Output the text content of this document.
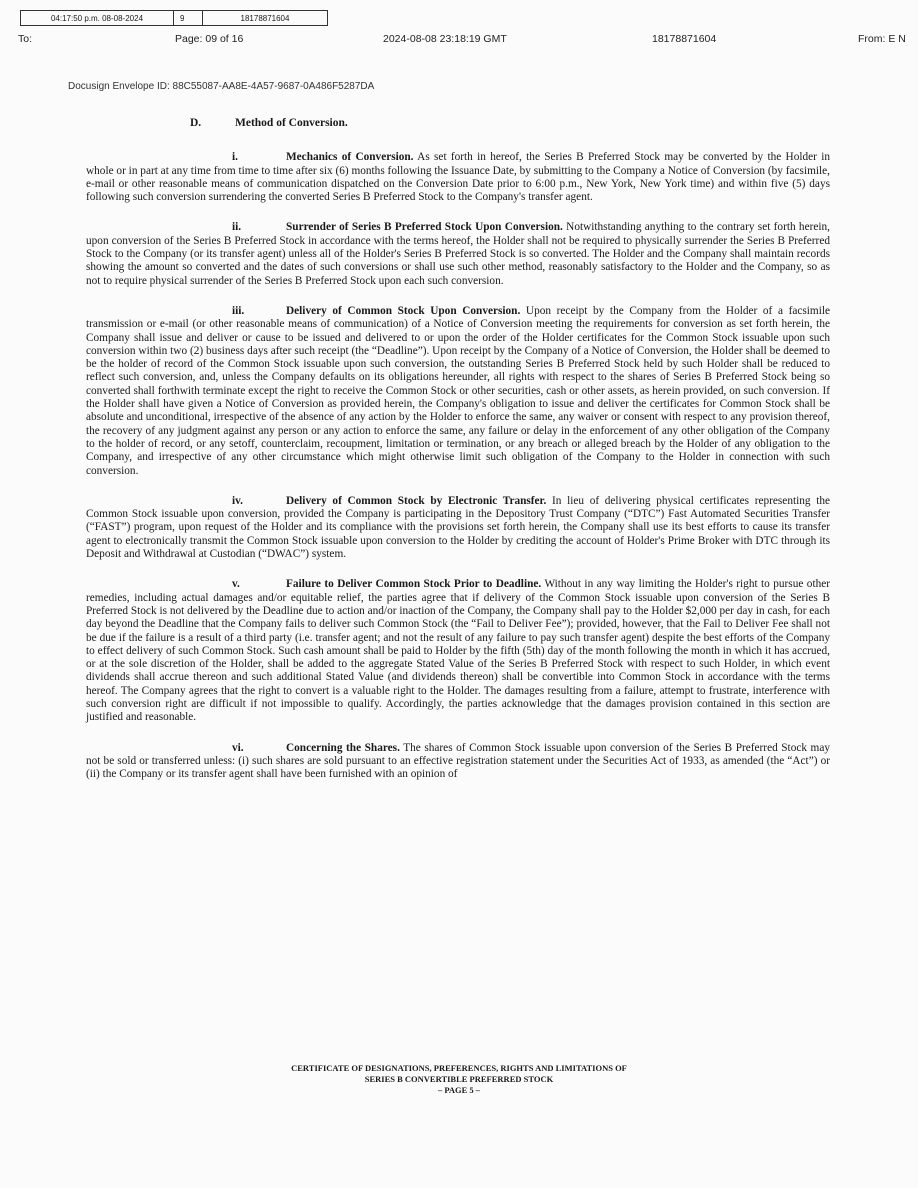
04:17:50 p.m. 08-08-2024	9	18178871604
To:	Page: 09 of 16	2024-08-08 23:18:19 GMT	18178871604	From: E N
Docusign Envelope ID: 88C55087-AA8E-4A57-9687-0A486F5287DA
D.	Method of Conversion.

i.	Mechanics of Conversion. As set forth in hereof, the Series B Preferred Stock may be converted by the Holder in whole or in part at any time from time to time after six (6) months following the Issuance Date, by submitting to the Company a Notice of Conversion (by facsimile, e-mail or other reasonable means of communication dispatched on the Conversion Date prior to 6:00 p.m., New York, New York time) and within five (5) days following such conversion surrendering the converted Series B Preferred Stock to the Company's transfer agent.

ii.	Surrender of Series B Preferred Stock Upon Conversion. Notwithstanding anything to the contrary set forth herein, upon conversion of the Series B Preferred Stock in accordance with the terms hereof, the Holder shall not be required to physically surrender the Series B Preferred Stock to the Company (or its transfer agent) unless all of the Holder's Series B Preferred Stock is so converted. The Holder and the Company shall maintain records showing the amount so converted and the dates of such conversions or shall use such other method, reasonably satisfactory to the Holder and the Company, so as not to require physical surrender of the Series B Preferred Stock upon each such conversion.

iii.	Delivery of Common Stock Upon Conversion. Upon receipt by the Company from the Holder of a facsimile transmission or e-mail (or other reasonable means of communication) of a Notice of Conversion meeting the requirements for conversion as set forth herein, the Company shall issue and deliver or cause to be issued and delivered to or upon the order of the Holder certificates for the Common Stock issuable upon such conversion within two (2) business days after such receipt (the “Deadline”). Upon receipt by the Company of a Notice of Conversion, the Holder shall be deemed to be the holder of record of the Common Stock issuable upon such conversion, the outstanding Series B Preferred Stock held by such Holder shall be reduced to reflect such conversion, and, unless the Company defaults on its obligations hereunder, all rights with respect to the shares of Series B Preferred Stock being so converted shall forthwith terminate except the right to receive the Common Stock or other securities, cash or other assets, as herein provided, on such conversion. If the Holder shall have given a Notice of Conversion as provided herein, the Company's obligation to issue and deliver the certificates for Common Stock shall be absolute and unconditional, irrespective of the absence of any action by the Holder to enforce the same, any waiver or consent with respect to any provision thereof, the recovery of any judgment against any person or any action to enforce the same, any failure or delay in the enforcement of any other obligation of the Company to the holder of record, or any setoff, counterclaim, recoupment, limitation or termination, or any breach or alleged breach by the Holder of any obligation to the Company, and irrespective of any other circumstance which might otherwise limit such obligation of the Company to the Holder in connection with such conversion.

iv.	Delivery of Common Stock by Electronic Transfer. In lieu of delivering physical certificates representing the Common Stock issuable upon conversion, provided the Company is participating in the Depository Trust Company (“DTC”) Fast Automated Securities Transfer (“FAST”) program, upon request of the Holder and its compliance with the provisions set forth herein, the Company shall use its best efforts to cause its transfer agent to electronically transmit the Common Stock issuable upon conversion to the Holder by crediting the account of Holder's Prime Broker with DTC through its Deposit and Withdrawal at Custodian (“DWAC”) system.

v.	Failure to Deliver Common Stock Prior to Deadline. Without in any way limiting the Holder's right to pursue other remedies, including actual damages and/or equitable relief, the parties agree that if delivery of the Common Stock issuable upon conversion of the Series B Preferred Stock is not delivered by the Deadline due to action and/or inaction of the Company, the Company shall pay to the Holder $2,000 per day in cash, for each day beyond the Deadline that the Company fails to deliver such Common Stock (the “Fail to Deliver Fee”); provided, however, that the Fail to Deliver Fee shall not be due if the failure is a result of a third party (i.e. transfer agent; and not the result of any failure to pay such transfer agent) despite the best efforts of the Company to effect delivery of such Common Stock. Such cash amount shall be paid to Holder by the fifth (5th) day of the month following the month in which it has accrued, or at the sole discretion of the Holder, shall be added to the aggregate Stated Value of the Series B Preferred Stock with respect to such Holder, in which event dividends shall accrue thereon and such additional Stated Value (and dividends thereon) shall be convertible into Common Stock in accordance with the terms hereof. The Company agrees that the right to convert is a valuable right to the Holder. The damages resulting from a failure, attempt to frustrate, interference with such conversion right are difficult if not impossible to qualify. Accordingly, the parties acknowledge that the damages provision contained in this section are justified and reasonable.

vi.	Concerning the Shares. The shares of Common Stock issuable upon conversion of the Series B Preferred Stock may not be sold or transferred unless: (i) such shares are sold pursuant to an effective registration statement under the Securities Act of 1933, as amended (the “Act”) or (ii) the Company or its transfer agent shall have been furnished with an opinion of

CERTIFICATE OF DESIGNATIONS, PREFERENCES, RIGHTS AND LIMITATIONS OF
SERIES B CONVERTIBLE PREFERRED STOCK
– PAGE 5 –
